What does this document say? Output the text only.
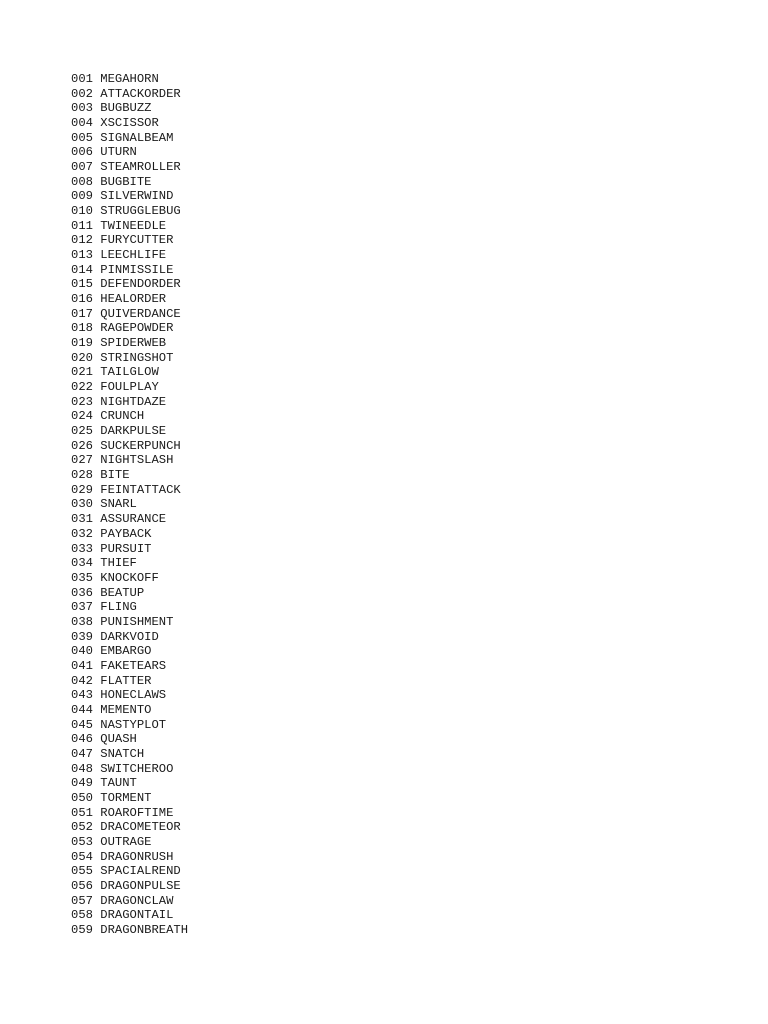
001 MEGAHORN
002 ATTACKORDER
003 BUGBUZZ
004 XSCISSOR
005 SIGNALBEAM
006 UTURN
007 STEAMROLLER
008 BUGBITE
009 SILVERWIND
010 STRUGGLEBUG
011 TWINEEDLE
012 FURYCUTTER
013 LEECHLIFE
014 PINMISSILE
015 DEFENDORDER
016 HEALORDER
017 QUIVERDANCE
018 RAGEPOWDER
019 SPIDERWEB
020 STRINGSHOT
021 TAILGLOW
022 FOULPLAY
023 NIGHTDAZE
024 CRUNCH
025 DARKPULSE
026 SUCKERPUNCH
027 NIGHTSLASH
028 BITE
029 FEINTATTACK
030 SNARL
031 ASSURANCE
032 PAYBACK
033 PURSUIT
034 THIEF
035 KNOCKOFF
036 BEATUP
037 FLING
038 PUNISHMENT
039 DARKVOID
040 EMBARGO
041 FAKETEARS
042 FLATTER
043 HONECLAWS
044 MEMENTO
045 NASTYPLOT
046 QUASH
047 SNATCH
048 SWITCHEROO
049 TAUNT
050 TORMENT
051 ROAROFTIME
052 DRACOMETEOR
053 OUTRAGE
054 DRAGONRUSH
055 SPACIALREND
056 DRAGONPULSE
057 DRAGONCLAW
058 DRAGONTAIL
059 DRAGONBREATH
